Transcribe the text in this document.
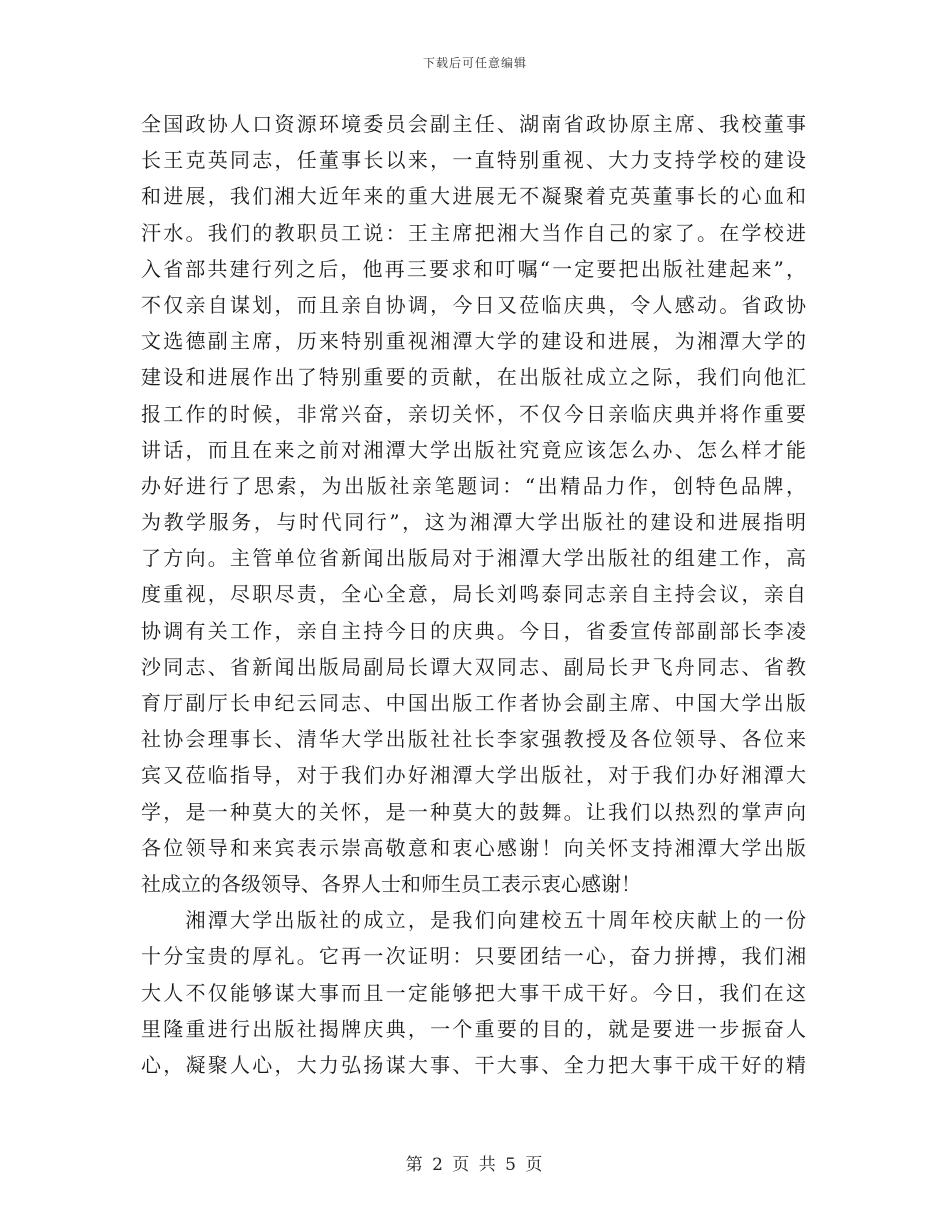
下载后可任意编辑
全国政协人口资源环境委员会副主任、湖南省政协原主席、我校董事
长王克英同志，任董事长以来，一直特别重视、大力支持学校的建设
和进展，我们湘大近年来的重大进展无不凝聚着克英董事长的心血和
汗水。我们的教职员工说：王主席把湘大当作自己的家了。在学校进
入省部共建行列之后，他再三要求和叮嘱“一定要把出版社建起来”，
不仅亲自谋划，而且亲自协调，今日又莅临庆典，令人感动。省政协
文选德副主席，历来特别重视湘潭大学的建设和进展，为湘潭大学的
建设和进展作出了特别重要的贡献，在出版社成立之际，我们向他汇
报工作的时候，非常兴奋，亲切关怀，不仅今日亲临庆典并将作重要
讲话，而且在来之前对湘潭大学出版社究竟应该怎么办、怎么样才能
办好进行了思索，为出版社亲笔题词：“出精品力作，创特色品牌，
为教学服务，与时代同行”，这为湘潭大学出版社的建设和进展指明
了方向。主管单位省新闻出版局对于湘潭大学出版社的组建工作，高
度重视，尽职尽责，全心全意，局长刘鸣泰同志亲自主持会议，亲自
协调有关工作，亲自主持今日的庆典。今日，省委宣传部副部长李凌
沙同志、省新闻出版局副局长谭大双同志、副局长尹飞舟同志、省教
育厅副厅长申纪云同志、中国出版工作者协会副主席、中国大学出版
社协会理事长、清华大学出版社社长李家强教授及各位领导、各位来
宾又莅临指导，对于我们办好湘潭大学出版社，对于我们办好湘潭大
学，是一种莫大的关怀，是一种莫大的鼓舞。让我们以热烈的掌声向
各位领导和来宾表示崇高敬意和衷心感谢！向关怀支持湘潭大学出版
社成立的各级领导、各界人士和师生员工表示衷心感谢！
　　湘潭大学出版社的成立，是我们向建校五十周年校庆献上的一份
十分宝贵的厚礼。它再一次证明：只要团结一心，奋力拼搏，我们湘
大人不仅能够谋大事而且一定能够把大事干成干好。今日，我们在这
里隆重进行出版社揭牌庆典，一个重要的目的，就是要进一步振奋人
心，凝聚人心，大力弘扬谋大事、干大事、全力把大事干成干好的精
第 2 页 共 5 页
